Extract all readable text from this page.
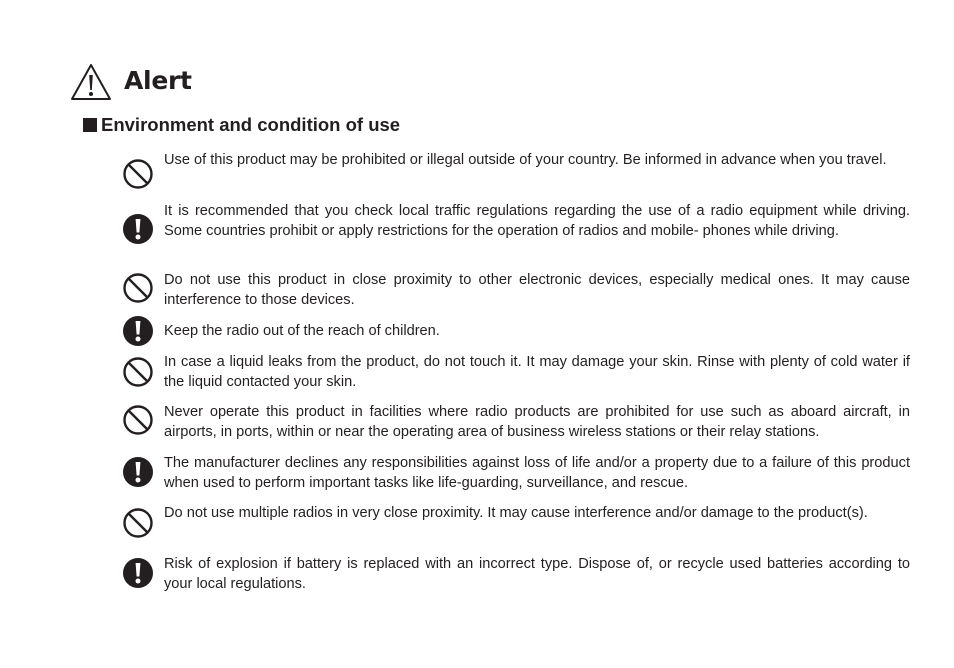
Alert
Environment and condition of use
Use of this product may be prohibited or illegal outside of your country. Be informed in advance when you travel.
It is recommended that you check local traffic regulations regarding the use of a radio equipment while driving. Some countries prohibit or apply restrictions for the operation of radios and mobile- phones while driving.
Do not use this product in close proximity to other electronic devices, especially medical ones. It may cause interference to those devices.
Keep the radio out of the reach of children.
In case a liquid leaks from the product, do not touch it. It may damage your skin. Rinse with plenty of cold water if the liquid contacted your skin.
Never operate this product in facilities where radio products are prohibited for use such as aboard aircraft, in airports, in ports, within or near the operating area of business wireless stations or their relay stations.
The manufacturer declines any responsibilities against loss of life and/or a property due to a failure of this product when used to perform important tasks like life-guarding, surveillance, and rescue.
Do not use multiple radios in very close proximity. It may cause interference and/or damage to the product(s).
Risk of explosion if battery is replaced with an incorrect type. Dispose of, or recycle used batteries according to your local regulations.
